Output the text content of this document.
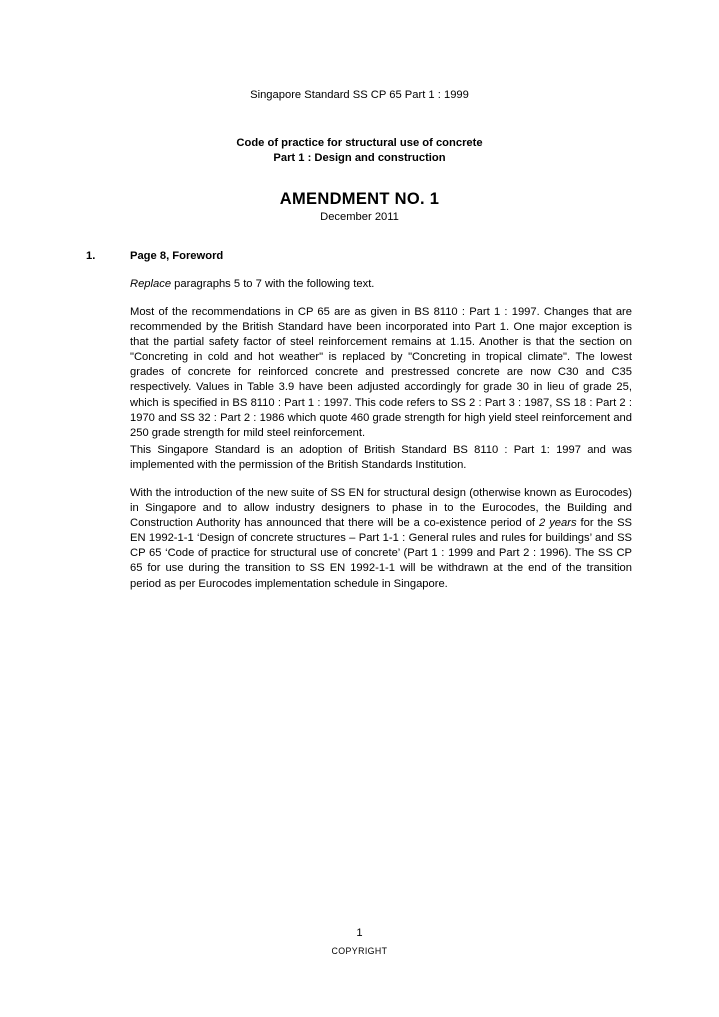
Singapore Standard SS CP 65 Part 1 : 1999
Code of practice for structural use of concrete
Part 1 : Design and construction
AMENDMENT NO. 1
December 2011
1.	Page 8, Foreword
Replace paragraphs 5 to 7 with the following text.
Most of the recommendations in CP 65 are as given in BS 8110 : Part 1 : 1997. Changes that are recommended by the British Standard have been incorporated into Part 1. One major exception is that the partial safety factor of steel reinforcement remains at 1.15. Another is that the section on "Concreting in cold and hot weather" is replaced by "Concreting in tropical climate". The lowest grades of concrete for reinforced concrete and prestressed concrete are now C30 and C35 respectively. Values in Table 3.9 have been adjusted accordingly for grade 30 in lieu of grade 25, which is specified in BS 8110 : Part 1 : 1997. This code refers to SS 2 : Part 3 : 1987, SS 18 : Part 2 : 1970 and SS 32 : Part 2 : 1986 which quote 460 grade strength for high yield steel reinforcement and 250 grade strength for mild steel reinforcement.
This Singapore Standard is an adoption of British Standard BS 8110 : Part 1: 1997 and was implemented with the permission of the British Standards Institution.
With the introduction of the new suite of SS EN for structural design (otherwise known as Eurocodes) in Singapore and to allow industry designers to phase in to the Eurocodes, the Building and Construction Authority has announced that there will be a co-existence period of 2 years for the SS EN 1992-1-1 ‘Design of concrete structures – Part 1-1 : General rules and rules for buildings’ and SS CP 65 ‘Code of practice for structural use of concrete’ (Part 1 : 1999 and Part 2 : 1996). The SS CP 65 for use during the transition to SS EN 1992-1-1 will be withdrawn at the end of the transition period as per Eurocodes implementation schedule in Singapore.
1
COPYRIGHT
